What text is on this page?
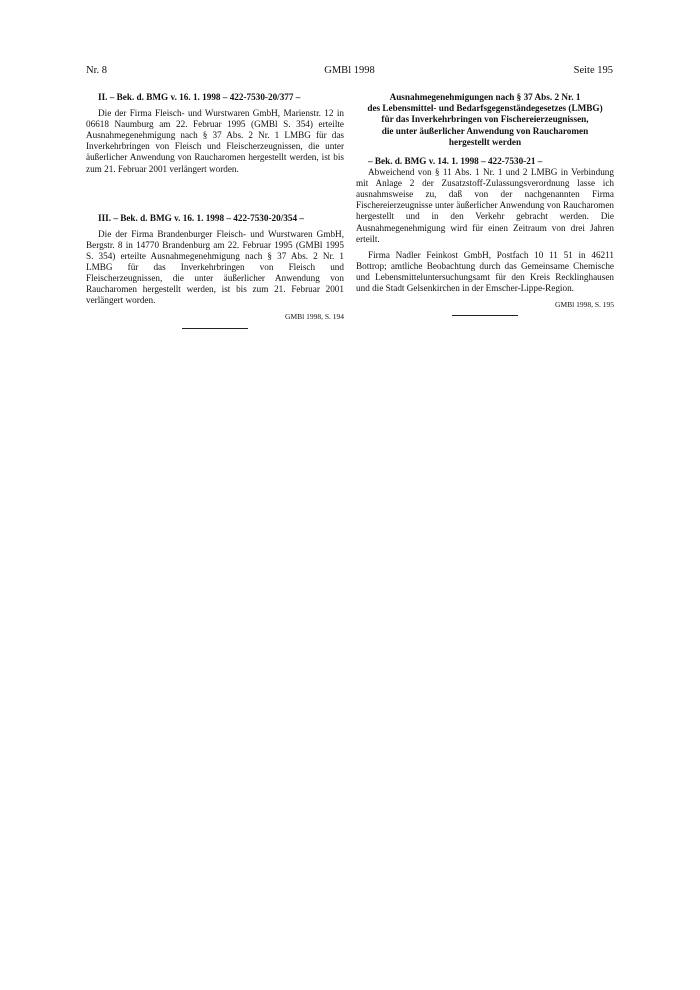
Nr. 8	GMBl 1998	Seite 195

II. – Bek. d. BMG v. 16. 1. 1998 – 422-7530-20/377 –

Die der Firma Fleisch- und Wurstwaren GmbH, Marienstr. 12 in 06618 Naumburg am 22. Februar 1995 (GMBl S. 354) erteilte Ausnahmegenehmigung nach § 37 Abs. 2 Nr. 1 LMBG für das Inverkehrbringen von Fleisch und Fleischerzeugnissen, die unter äußerlicher Anwendung von Raucharomen hergestellt werden, ist bis zum 21. Februar 2001 verlängert worden.

III. – Bek. d. BMG v. 16. 1. 1998 – 422-7530-20/354 –

Die der Firma Brandenburger Fleisch- und Wurstwaren GmbH, Bergstr. 8 in 14770 Brandenburg am 22. Februar 1995 (GMBl 1995 S. 354) erteilte Ausnahmegenehmigung nach § 37 Abs. 2 Nr. 1 LMBG für das Inverkehrbringen von Fleisch und Fleischerzeugnissen, die unter äußerlicher Anwendung von Raucharomen hergestellt werden, ist bis zum 21. Februar 2001 verlängert worden.

GMBl 1998, S. 194
Ausnahmegenehmigungen nach § 37 Abs. 2 Nr. 1
des Lebensmittel- und Bedarfsgegenständegesetzes (LMBG)
für das Inverkehrbringen von Fischereierzeugnissen,
die unter äußerlicher Anwendung von Raucharomen
hergestellt werden

– Bek. d. BMG v. 14. 1. 1998 – 422-7530-21 –

Abweichend von § 11 Abs. 1 Nr. 1 und 2 LMBG in Verbindung mit Anlage 2 der Zusatzstoff-Zulassungsverordnung lasse ich ausnahmsweise zu, daß von der nachgenannten Firma Fischereierzeugnisse unter äußerlicher Anwendung von Raucharomen hergestellt und in den Verkehr gebracht werden. Die Ausnahmegenehmigung wird für einen Zeitraum von drei Jahren erteilt.

Firma Nadler Feinkost GmbH, Postfach 10 11 51 in 46211 Bottrop; amtliche Beobachtung durch das Gemeinsame Chemische und Lebensmitteluntersuchungsamt für den Kreis Recklinghausen und die Stadt Gelsenkirchen in der Emscher-Lippe-Region.

GMBl 1998, S. 195
